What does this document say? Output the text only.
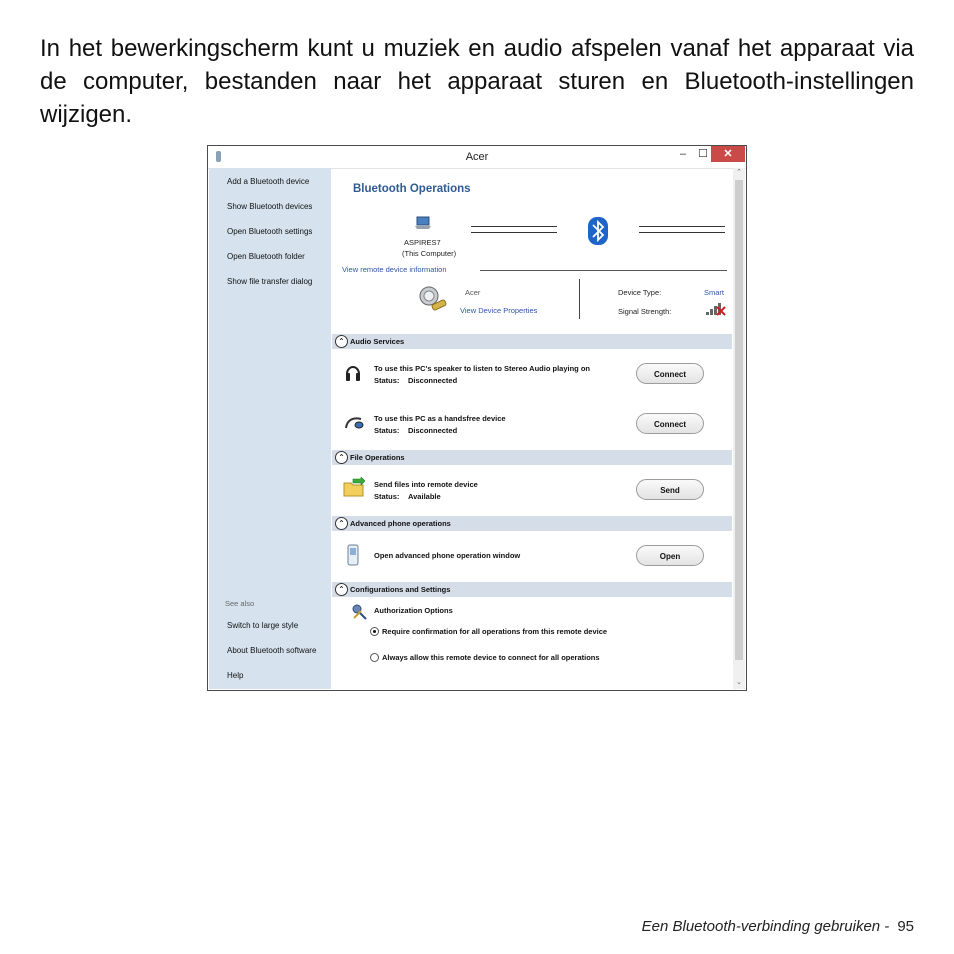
In het bewerkingscherm kunt u muziek en audio afspelen vanaf het apparaat via de computer, bestanden naar het apparaat sturen en Bluetooth-instellingen wijzigen.

Acer	–	☐	✕
Add a Bluetooth device
Show Bluetooth devices
Open Bluetooth settings
Open Bluetooth folder
Show file transfer dialog
See also
Switch to large style
About Bluetooth software
Help
Bluetooth Operations
ASPIRES7
(This Computer)
View remote device information
Acer
View Device Properties
Device Type:	Smart
Signal Strength:
⌃ Audio Services
To use this PC's speaker to listen to Stereo Audio playing on
Status: Disconnected
Connect
To use this PC as a handsfree device
Status: Disconnected
Connect
⌃ File Operations
Send files into remote device
Status: Available
Send
⌃ Advanced phone operations
Open advanced phone operation window	Open
⌃ Configurations and Settings
Authorization Options
Require confirmation for all operations from this remote device
Always allow this remote device to connect for all operations
⌃
⌄
Een Bluetooth-verbinding gebruiken - 95
